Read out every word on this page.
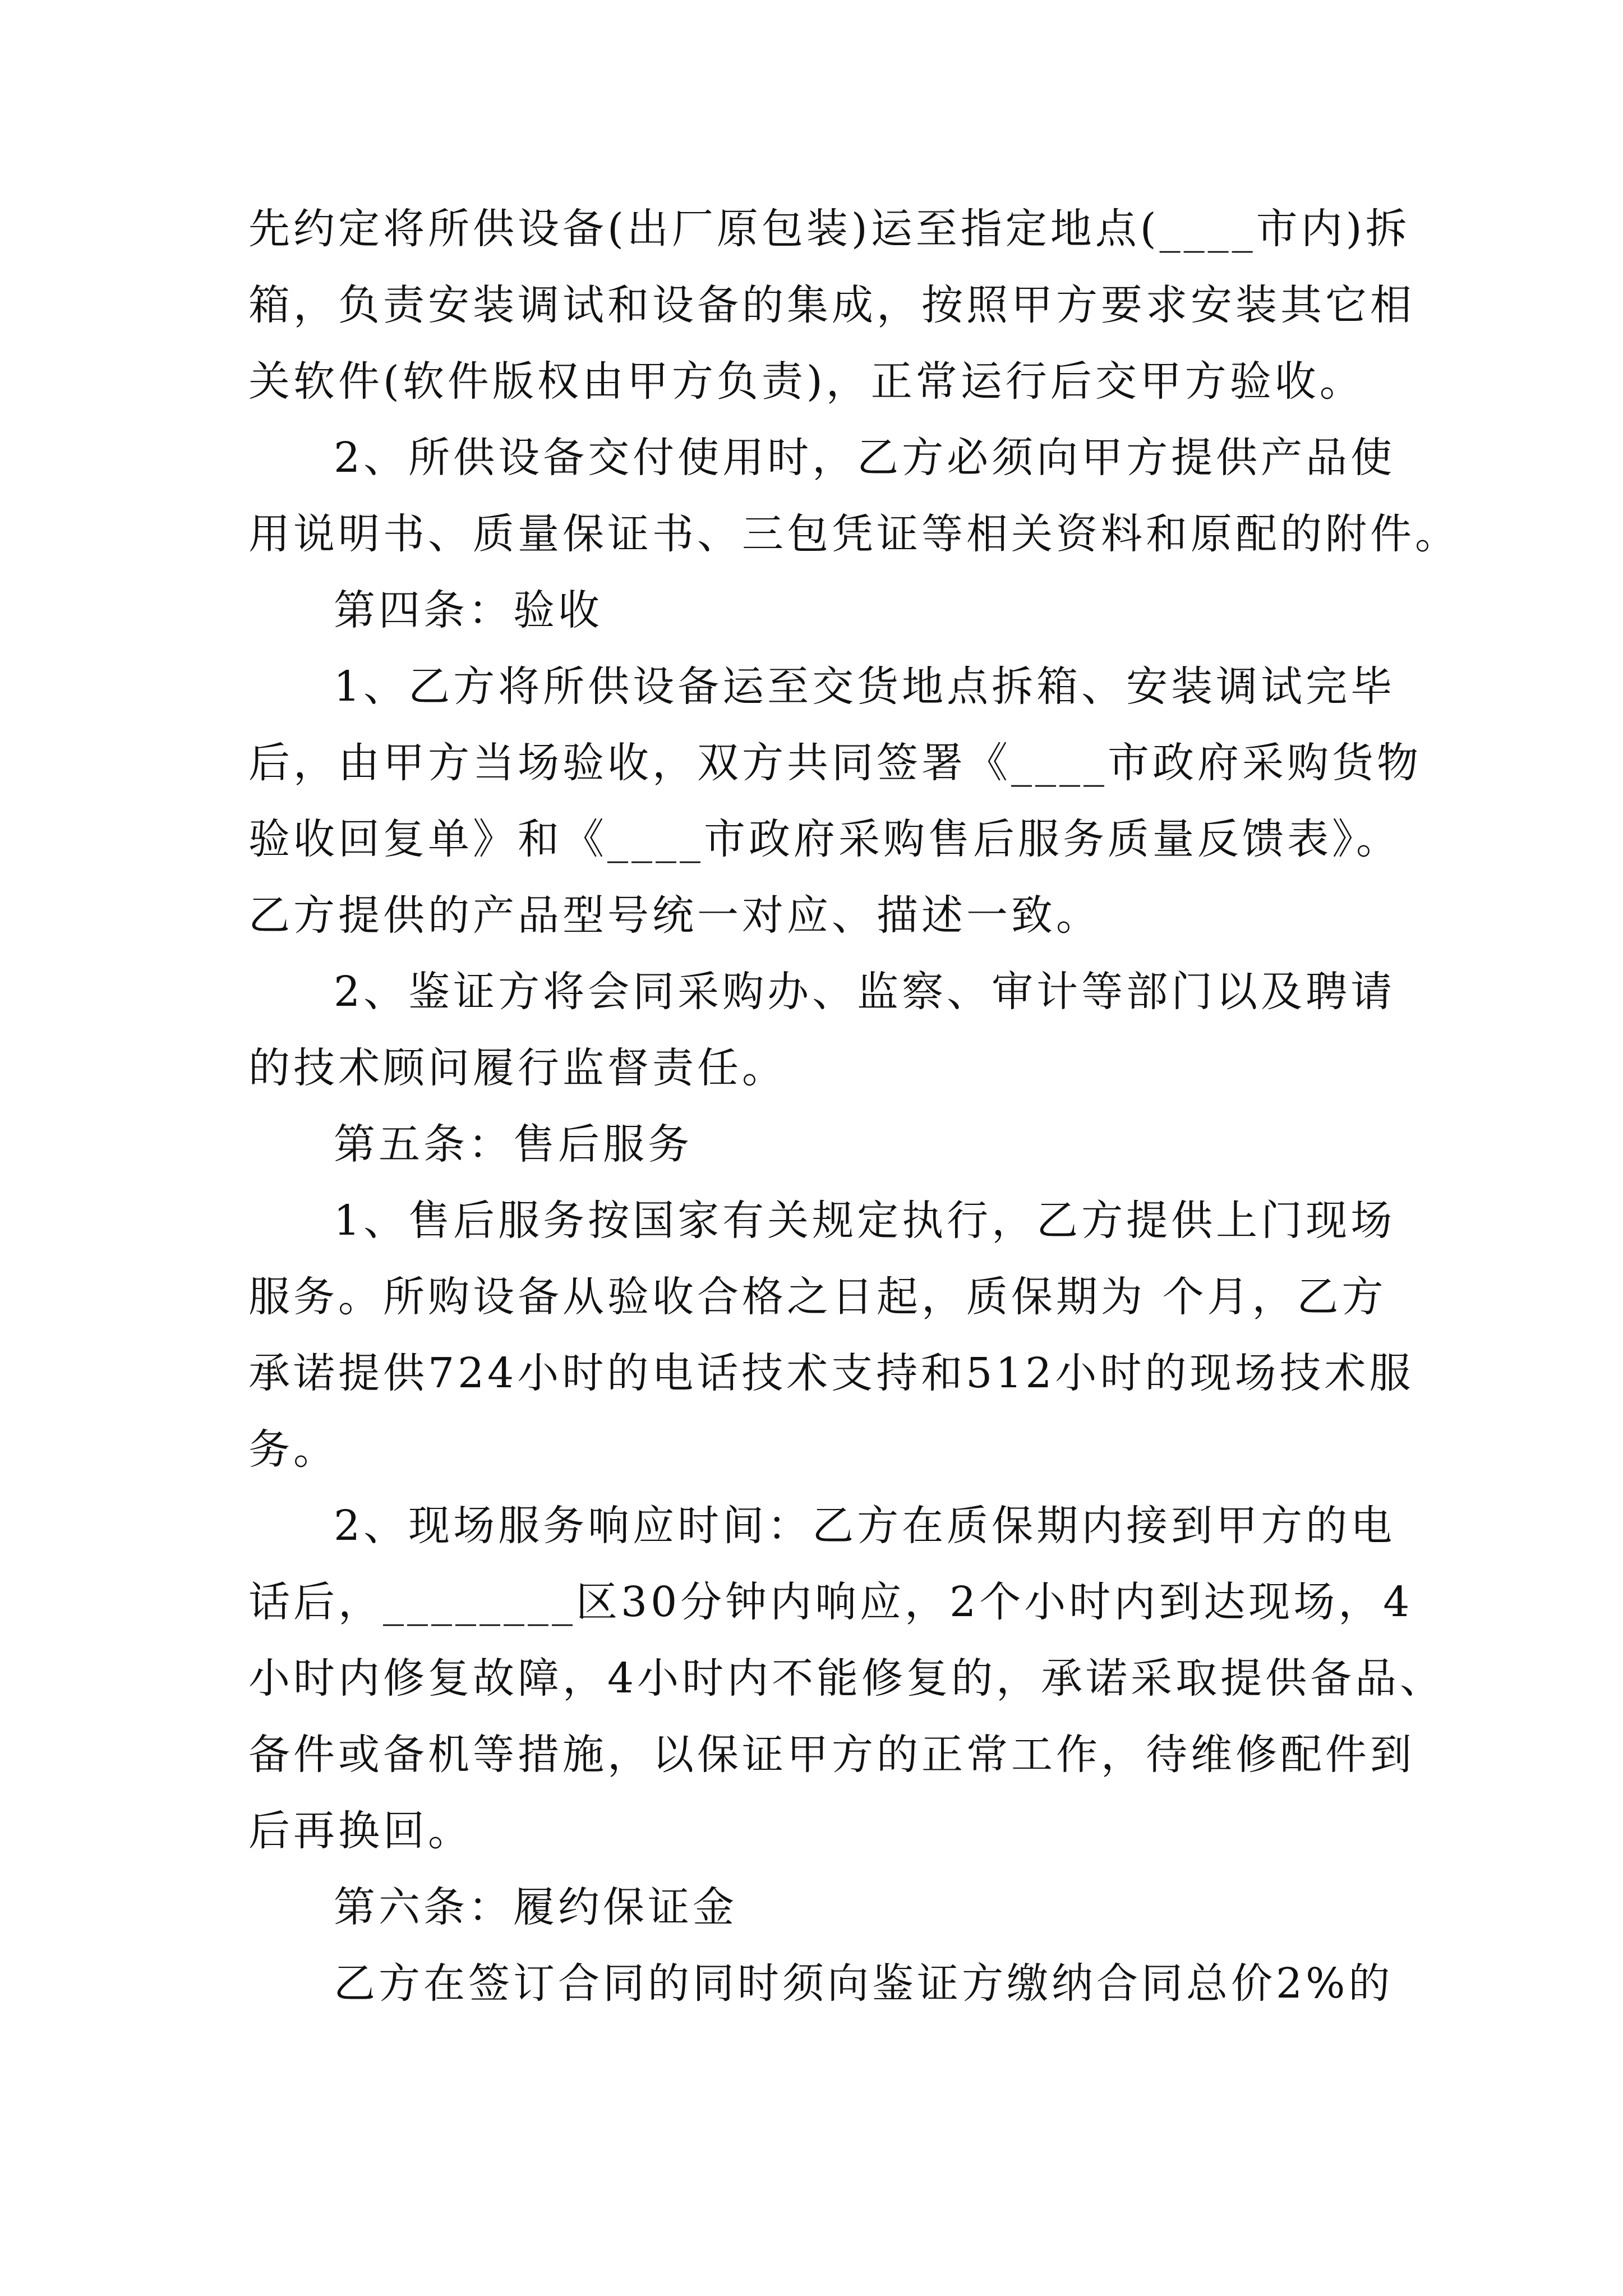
先约定将所供设备(出厂原包装)运至指定地点(____市内)拆
箱，负责安装调试和设备的集成，按照甲方要求安装其它相
关软件(软件版权由甲方负责)，正常运行后交甲方验收。
2、所供设备交付使用时，乙方必须向甲方提供产品使
用说明书、质量保证书、三包凭证等相关资料和原配的附件。
第四条：验收
1、乙方将所供设备运至交货地点拆箱、安装调试完毕
后，由甲方当场验收，双方共同签署《____市政府采购货物
验收回复单》和《____市政府采购售后服务质量反馈表》。
乙方提供的产品型号统一对应、描述一致。
2、鉴证方将会同采购办、监察、审计等部门以及聘请
的技术顾问履行监督责任。
第五条：售后服务
1、售后服务按国家有关规定执行，乙方提供上门现场
服务。所购设备从验收合格之日起，质保期为 个月，乙方
承诺提供724小时的电话技术支持和512小时的现场技术服
务。
2、现场服务响应时间：乙方在质保期内接到甲方的电
话后，________区30分钟内响应，2个小时内到达现场，4
小时内修复故障，4小时内不能修复的，承诺采取提供备品、
备件或备机等措施，以保证甲方的正常工作，待维修配件到
后再换回。
第六条：履约保证金
乙方在签订合同的同时须向鉴证方缴纳合同总价2%的
